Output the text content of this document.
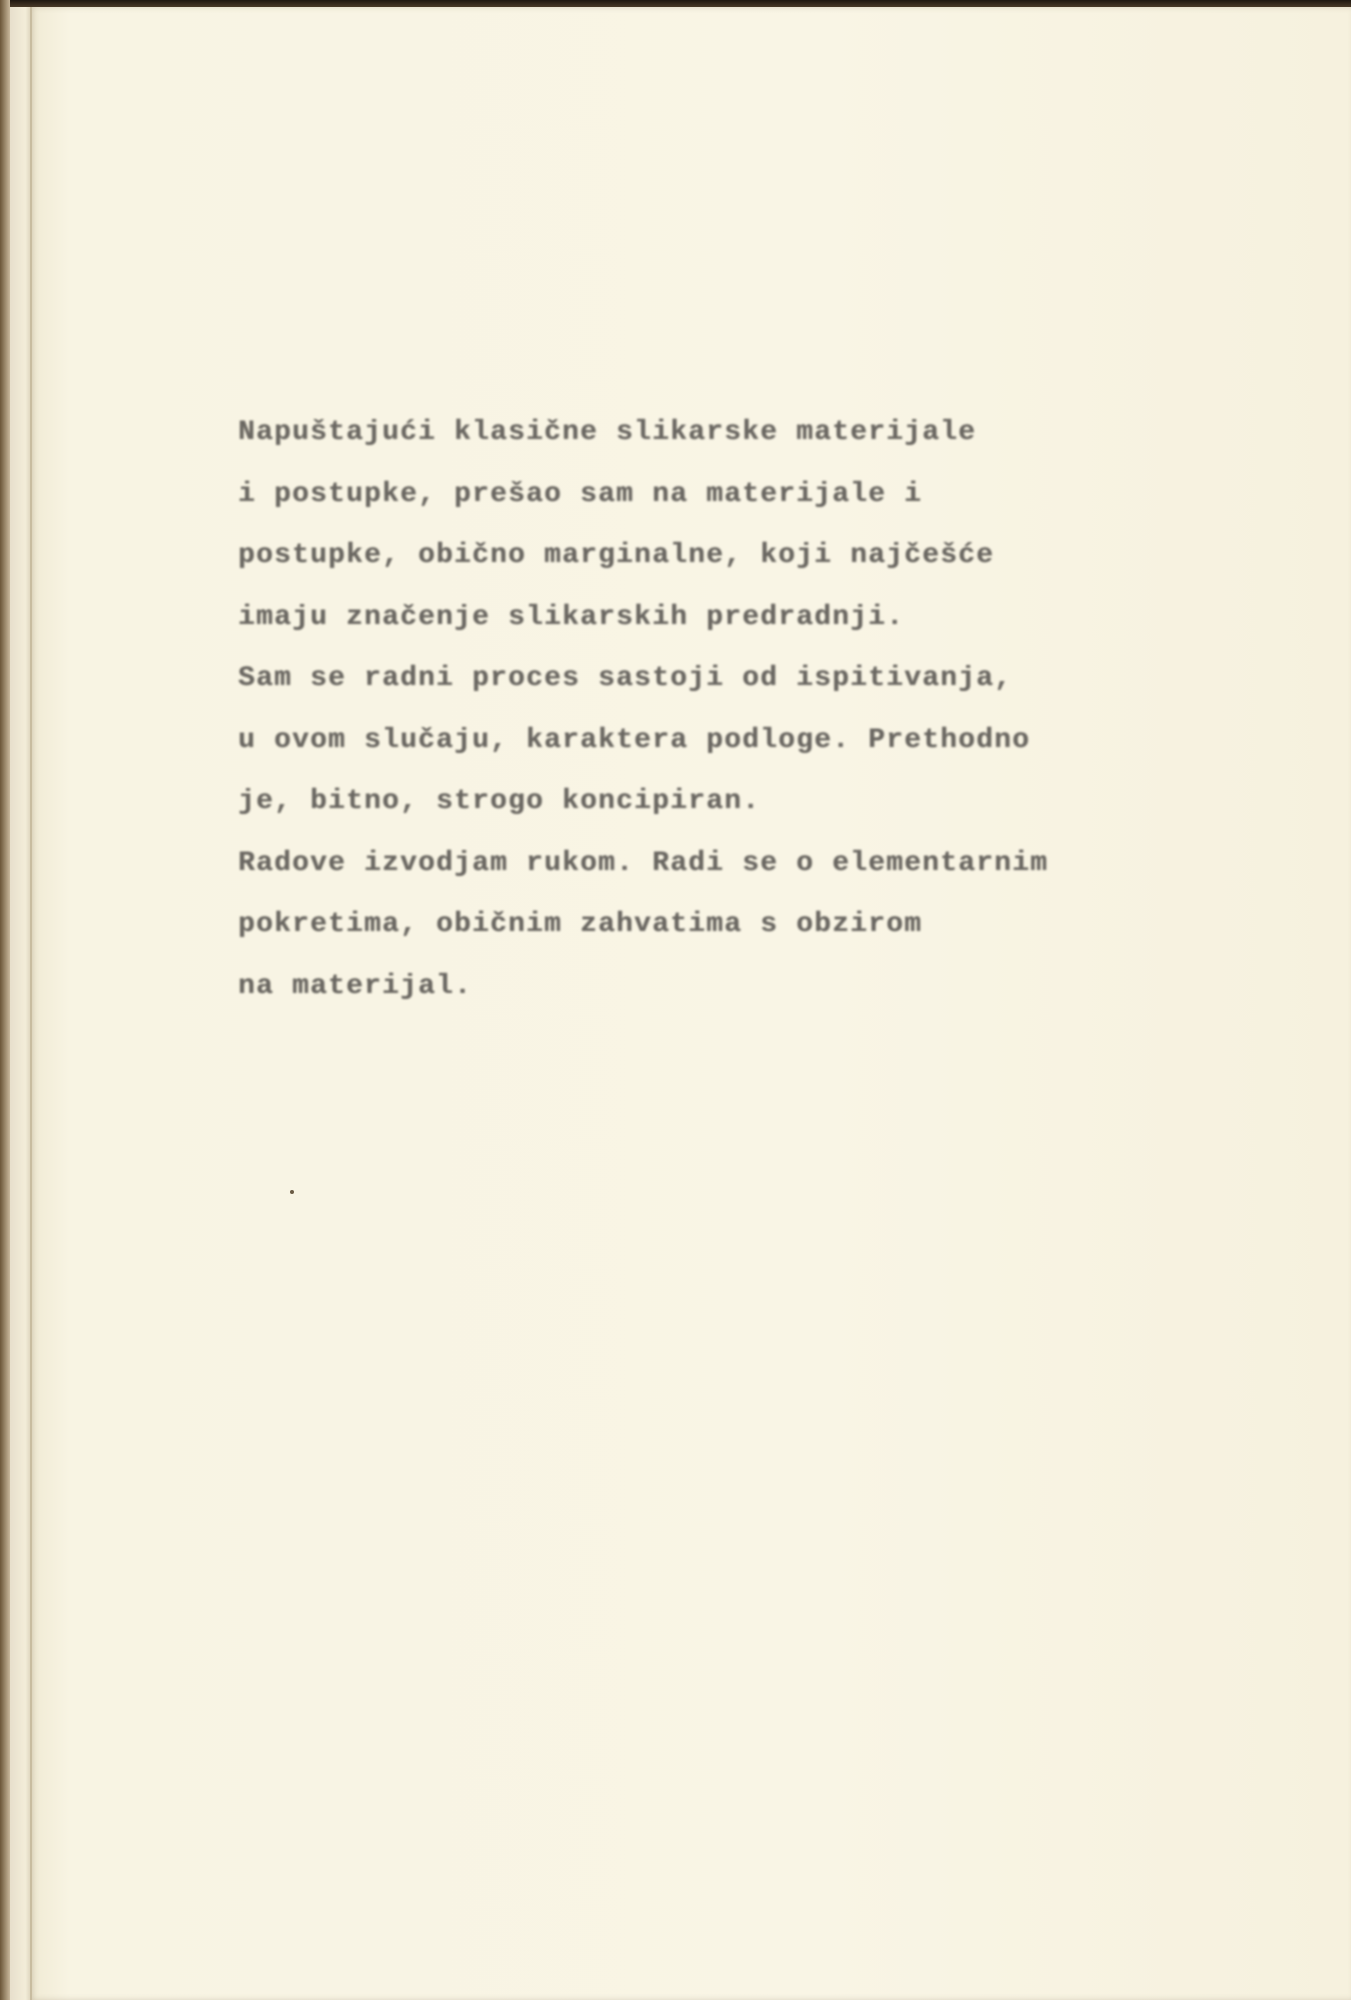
Napuštajući klasične slikarske materijale
i postupke, prešao sam na materijale i
postupke, obično marginalne, koji najčešće
imaju značenje slikarskih predradnji.
Sam se radni proces sastoji od ispitivanja,
u ovom slučaju, karaktera podloge. Prethodno
je, bitno, strogo koncipiran.
Radove izvodjam rukom. Radi se o elementarnim
pokretima, običnim zahvatima s obzirom
na materijal.
